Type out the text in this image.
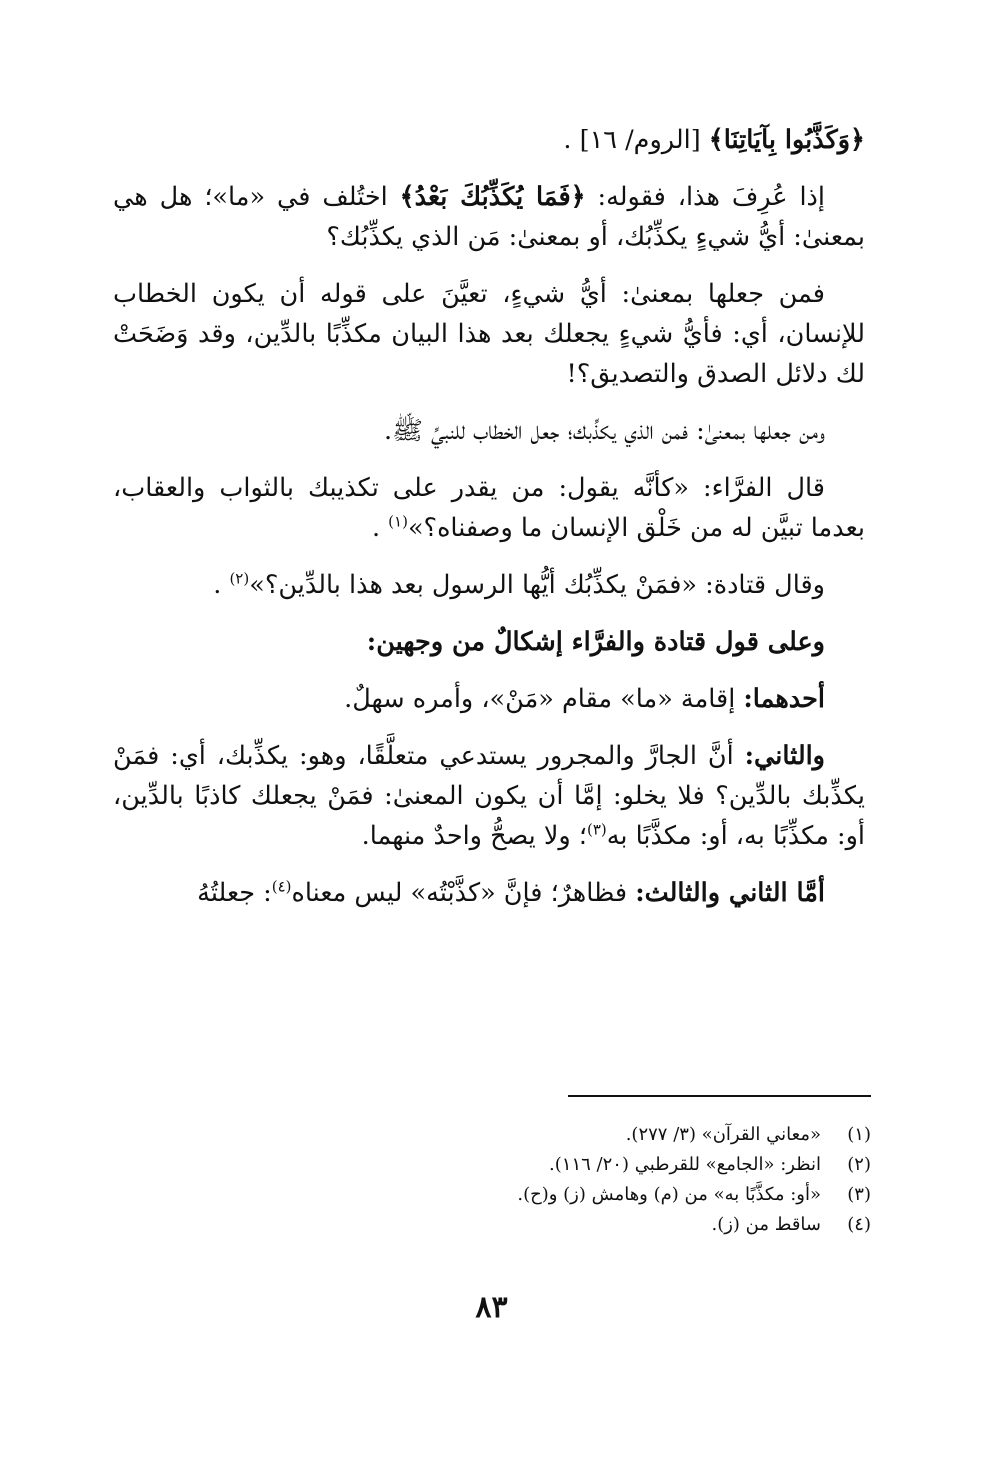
﴿وَكَذَّبُوا بِآيَاتِنَا﴾ [الروم/ ١٦] .

إذا عُرِفَ هذا، فقوله: ﴿فَمَا يُكَذِّبُكَ بَعْدُ﴾ اختُلف في «ما»؛ هل هي بمعنىٰ: أيُّ شيءٍ يكذِّبُك، أو بمعنىٰ: مَن الذي يكذِّبُك؟

فمن جعلها بمعنىٰ: أيُّ شيءٍ، تعيَّنَ على قوله أن يكون الخطاب للإنسان، أي: فأيُّ شيءٍ يجعلك بعد هذا البيان مكذِّبًا بالدِّين، وقد وَضَحَتْ لك دلائل الصدق والتصديق؟!

ومن جعلها بمعنىٰ: فمن الذي يكذِّبك؛ جعل الخطاب للنبيِّ ﷺ.

قال الفرَّاء: «كأنَّه يقول: من يقدر على تكذيبك بالثواب والعقاب، بعدما تبيَّن له من خَلْق الإنسان ما وصفناه؟»$^{(١)}$ .

وقال قتادة: «فمَنْ يكذِّبُك أيُّها الرسول بعد هذا بالدِّين؟»$^{(٢)}$ .

وعلى قول قتادة والفرَّاء إشكالٌ من وجهين:

أحدهما: إقامة «ما» مقام «مَنْ»، وأمره سهلٌ.

والثاني: أنَّ الجارَّ والمجرور يستدعي متعلَّقًا، وهو: يكذِّبك، أي: فمَنْ يكذِّبك بالدِّين؟ فلا يخلو: إمَّا أن يكون المعنىٰ: فمَنْ يجعلك كاذبًا بالدِّين، أو: مكذِّبًا به، أو: مكذَّبًا به$^{(٣)}$؛ ولا يصحُّ واحدٌ منهما.

أمَّا الثاني والثالث: فظاهرٌ؛ فإنَّ «كذَّبْتُه» ليس معناه$^{(٤)}$: جعلتُهُ

(١)
«معاني القرآن» (٣/ ٢٧٧).
(٢)
انظر: «الجامع» للقرطبي (٢٠/ ١١٦).
(٣)
«أو: مكذَّبًا به» من (م) وهامش (ز) و(ح).
(٤)
ساقط من (ز).
٨٣
